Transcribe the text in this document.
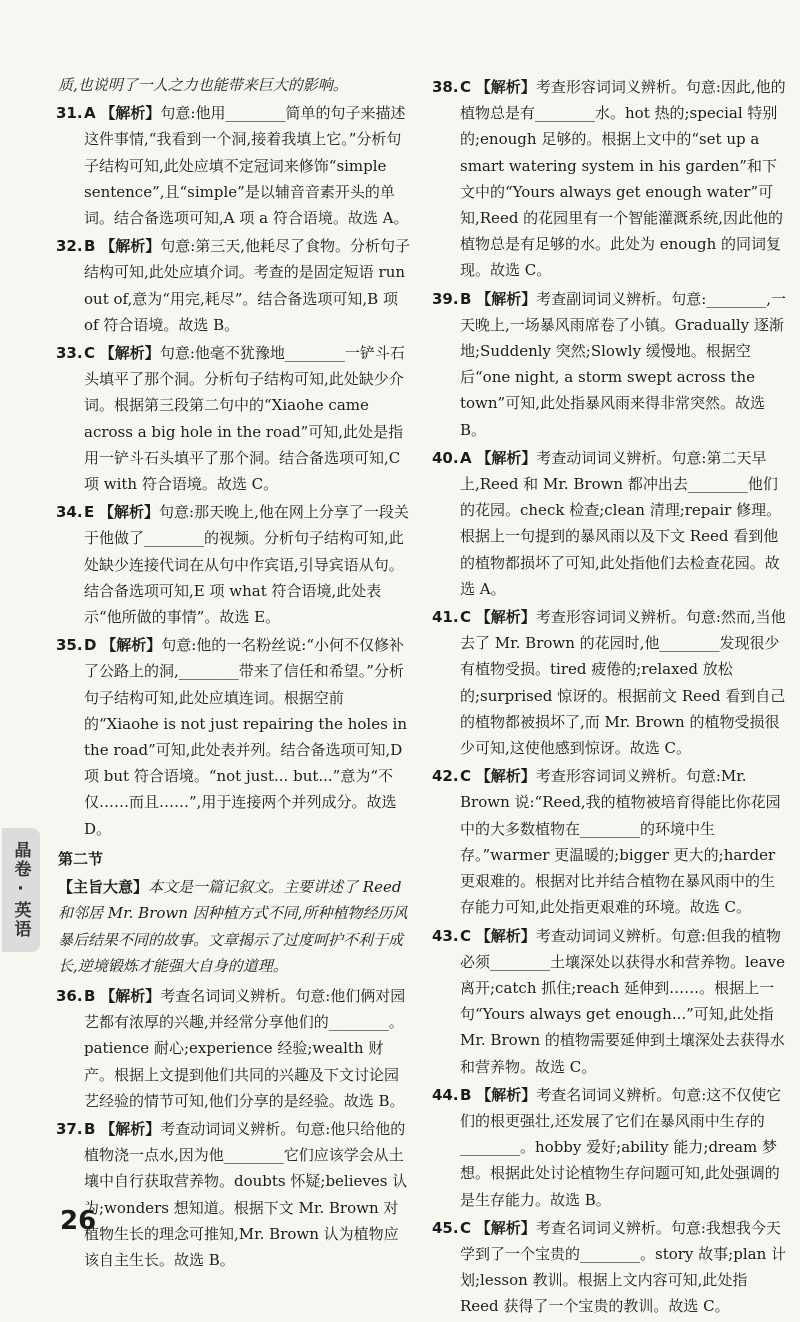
质,也说明了一人之力也能带来巨大的影响。
31. A 【解析】句意:他用________简单的句子来描述这件事情,“我看到一个洞,接着我填上它。”分析句子结构可知,此处应填不定冠词来修饰“simple sentence”,且“simple”是以辅音音素开头的单词。结合备选项可知,A 项 a 符合语境。故选 A。
32. B 【解析】句意:第三天,他耗尽了食物。分析句子结构可知,此处应填介词。考查的是固定短语 run out of,意为“用完,耗尽”。结合备选项可知,B 项 of 符合语境。故选 B。
33. C 【解析】句意:他毫不犹豫地________一铲斗石头填平了那个洞。分析句子结构可知,此处缺少介词。根据第三段第二句中的“Xiaohe came across a big hole in the road”可知,此处是指用一铲斗石头填平了那个洞。结合备选项可知,C 项 with 符合语境。故选 C。
34. E 【解析】句意:那天晚上,他在网上分享了一段关于他做了________的视频。分析句子结构可知,此处缺少连接代词在从句中作宾语,引导宾语从句。结合备选项可知,E 项 what 符合语境,此处表示“他所做的事情”。故选 E。
35. D 【解析】句意:他的一名粉丝说:“小何不仅修补了公路上的洞,________带来了信任和希望。”分析句子结构可知,此处应填连词。根据空前的“Xiaohe is not just repairing the holes in the road”可知,此处表并列。结合备选项可知,D 项 but 符合语境。“not just... but...”意为“不仅……而且……”,用于连接两个并列成分。故选 D。
第二节
【主旨大意】本文是一篇记叙文。主要讲述了 Reed 和邻居 Mr. Brown 因种植方式不同,所种植物经历风暴后结果不同的故事。文章揭示了过度呵护不利于成长,逆境锻炼才能强大自身的道理。
36. B 【解析】考查名词词义辨析。句意:他们俩对园艺都有浓厚的兴趣,并经常分享他们的________。patience 耐心;experience 经验;wealth 财产。根据上文提到他们共同的兴趣及下文讨论园艺经验的情节可知,他们分享的是经验。故选 B。
37. B 【解析】考查动词词义辨析。句意:他只给他的植物浇一点水,因为他________它们应该学会从土壤中自行获取营养物。doubts 怀疑;believes 认为;wonders 想知道。根据下文 Mr. Brown 对植物生长的理念可推知,Mr. Brown 认为植物应该自主生长。故选 B。
38. C 【解析】考查形容词词义辨析。句意:因此,他的植物总是有________水。hot 热的;special 特别的;enough 足够的。根据上文中的“set up a smart watering system in his garden”和下文中的“Yours always get enough water”可知,Reed 的花园里有一个智能灌溉系统,因此他的植物总是有足够的水。此处为 enough 的同词复现。故选 C。
39. B 【解析】考查副词词义辨析。句意:________,一天晚上,一场暴风雨席卷了小镇。Gradually 逐渐地;Suddenly 突然;Slowly 缓慢地。根据空后“one night, a storm swept across the town”可知,此处指暴风雨来得非常突然。故选 B。
40. A 【解析】考查动词词义辨析。句意:第二天早上,Reed 和 Mr. Brown 都冲出去________他们的花园。check 检查;clean 清理;repair 修理。根据上一句提到的暴风雨以及下文 Reed 看到他的植物都损坏了可知,此处指他们去检查花园。故选 A。
41. C 【解析】考查形容词词义辨析。句意:然而,当他去了 Mr. Brown 的花园时,他________发现很少有植物受损。tired 疲倦的;relaxed 放松的;surprised 惊讶的。根据前文 Reed 看到自己的植物都被损坏了,而 Mr. Brown 的植物受损很少可知,这使他感到惊讶。故选 C。
42. C 【解析】考查形容词词义辨析。句意:Mr. Brown 说:“Reed,我的植物被培育得能比你花园中的大多数植物在________的环境中生存。”warmer 更温暖的;bigger 更大的;harder 更艰难的。根据对比并结合植物在暴风雨中的生存能力可知,此处指更艰难的环境。故选 C。
43. C 【解析】考查动词词义辨析。句意:但我的植物必须________土壤深处以获得水和营养物。leave 离开;catch 抓住;reach 延伸到……。根据上一句“Yours always get enough...”可知,此处指 Mr. Brown 的植物需要延伸到土壤深处去获得水和营养物。故选 C。
44. B 【解析】考查名词词义辨析。句意:这不仅使它们的根更强壮,还发展了它们在暴风雨中生存的________。hobby 爱好;ability 能力;dream 梦想。根据此处讨论植物生存问题可知,此处强调的是生存能力。故选 B。
45. C 【解析】考查名词词义辨析。句意:我想我今天学到了一个宝贵的________。story 故事;plan 计划;lesson 教训。根据上文内容可知,此处指 Reed 获得了一个宝贵的教训。故选 C。
晶卷·英语
26
